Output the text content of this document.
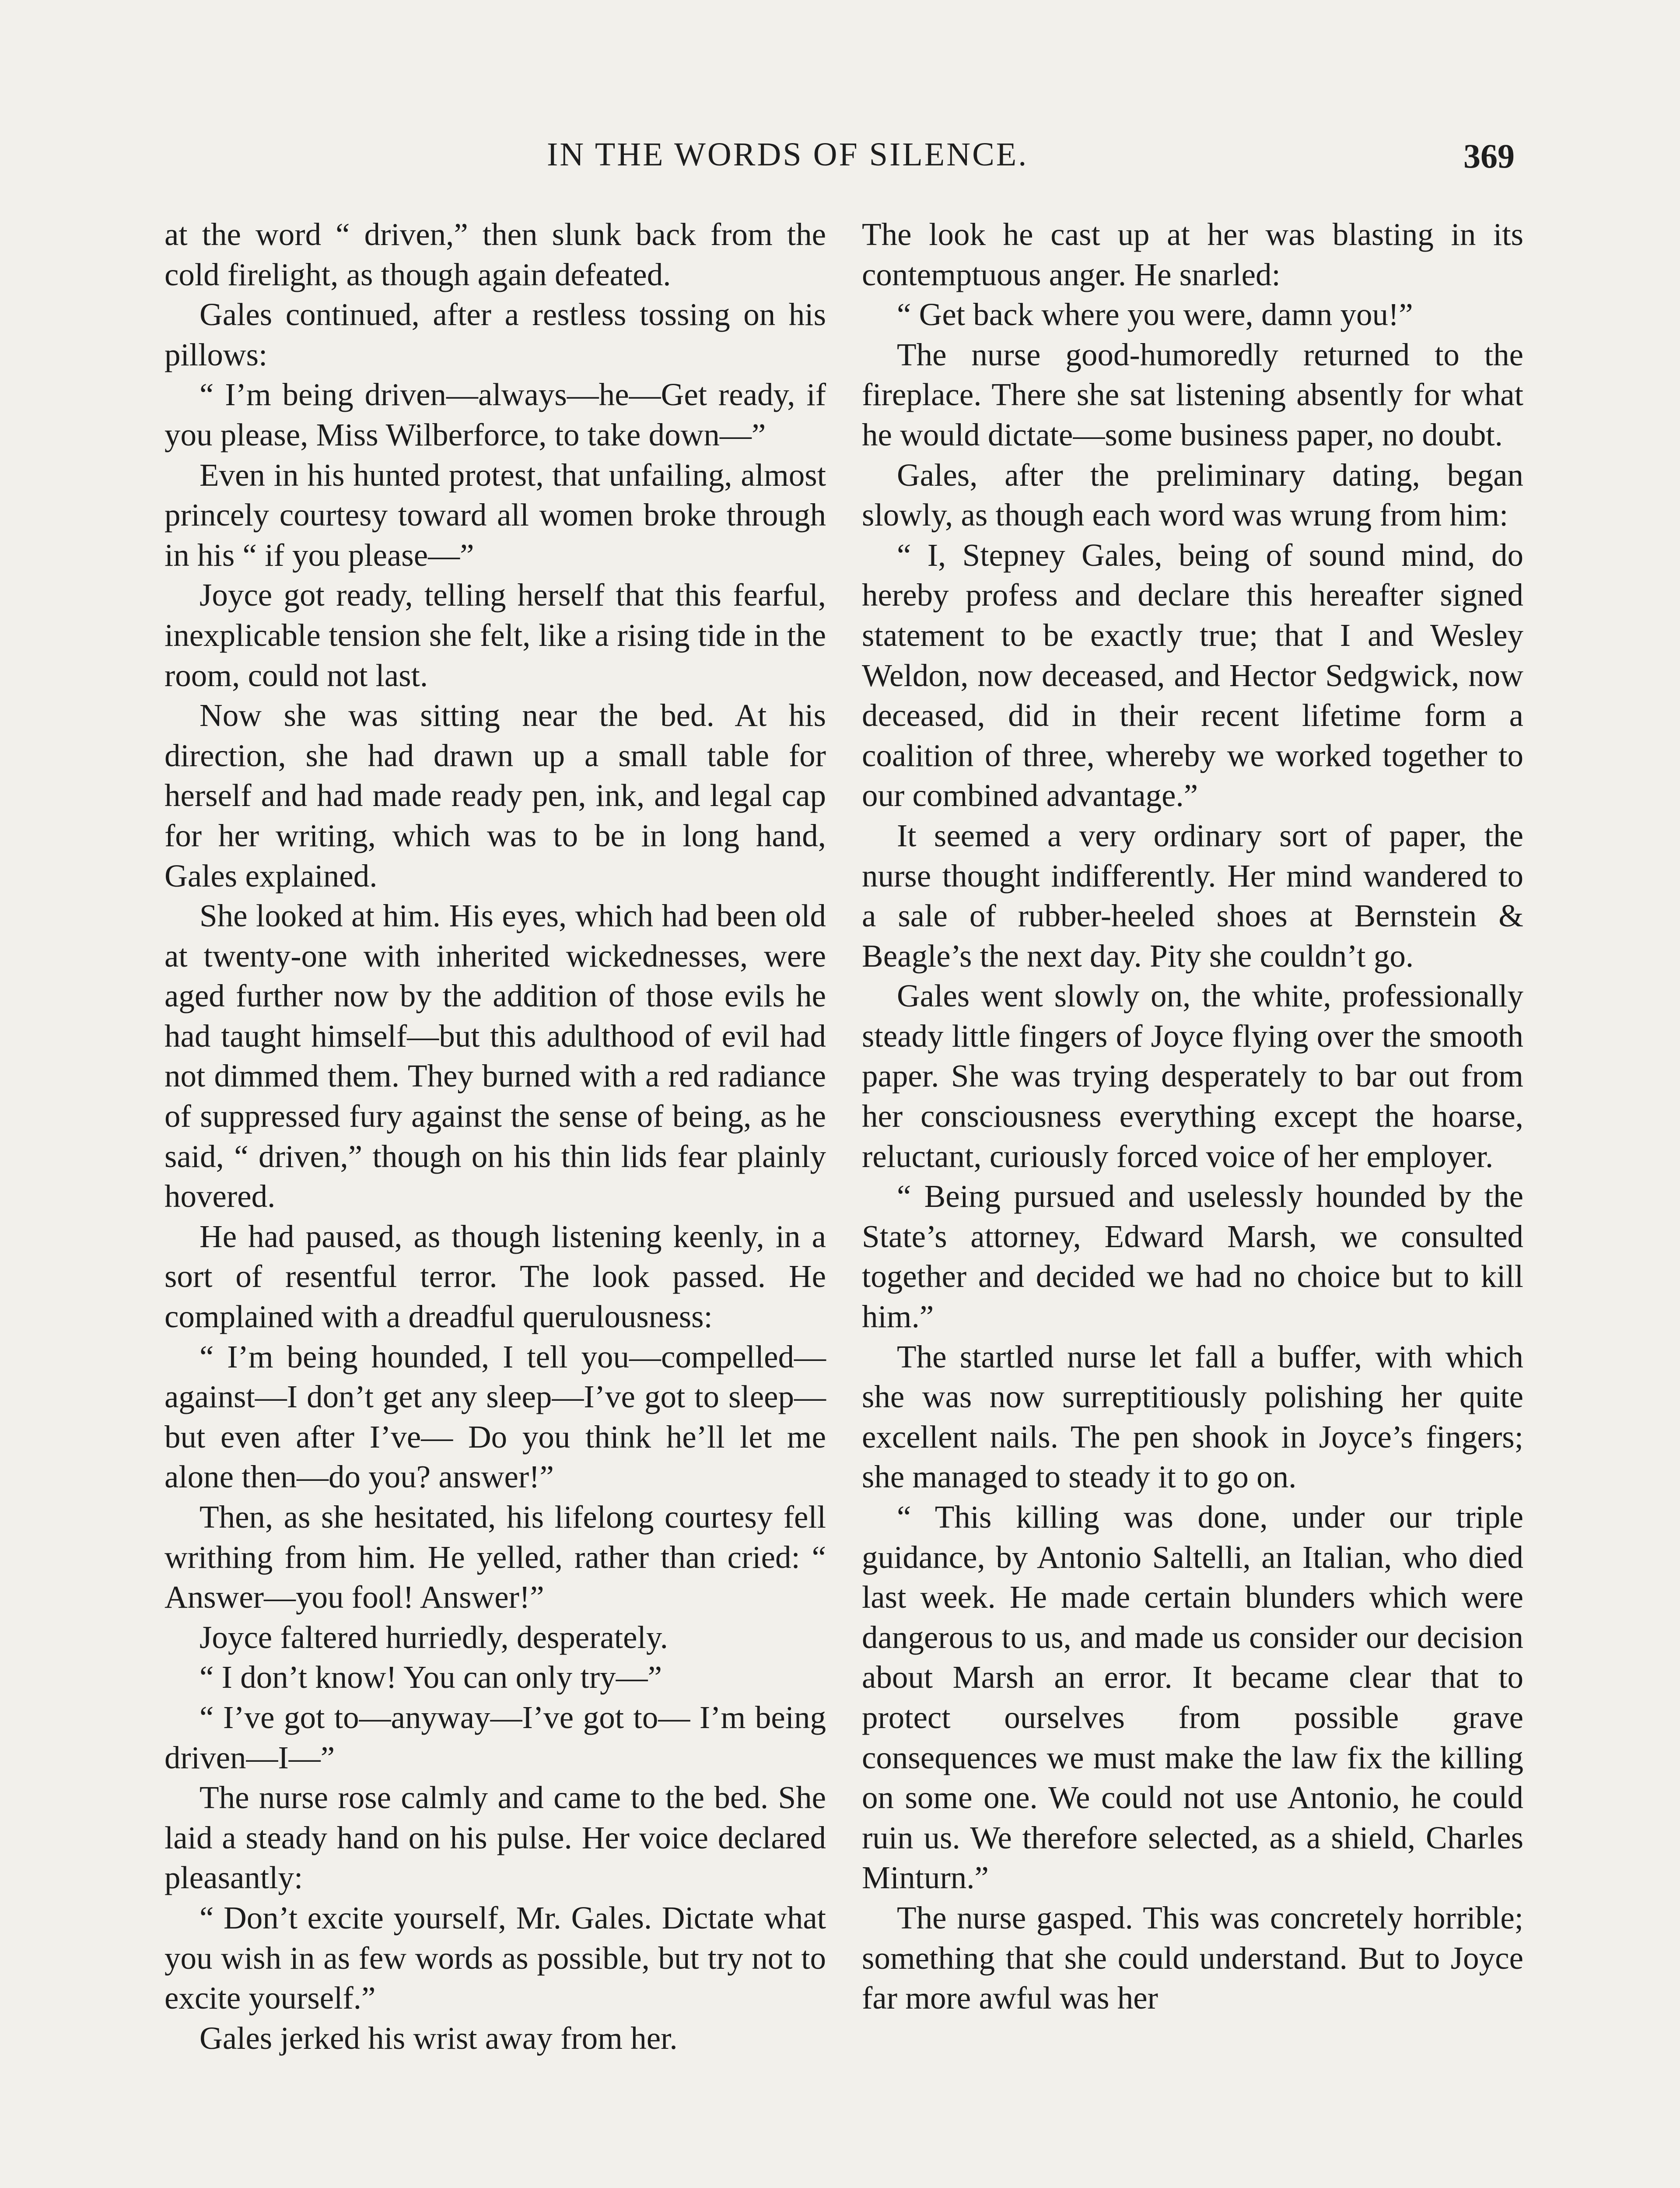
IN THE WORDS OF SILENCE.	369

at the word “ driven,” then slunk back from the cold firelight, as though again defeated.

Gales continued, after a restless tossing on his pillows:

“ I’m being driven—always—he—Get ready, if you please, Miss Wilberforce, to take down—”

Even in his hunted protest, that unfailing, almost princely courtesy toward all women broke through in his “ if you please—”

Joyce got ready, telling herself that this fearful, inexplicable tension she felt, like a rising tide in the room, could not last.

Now she was sitting near the bed. At his direction, she had drawn up a small table for herself and had made ready pen, ink, and legal cap for her writing, which was to be in long hand, Gales explained.

She looked at him. His eyes, which had been old at twenty-one with inherited wickednesses, were aged further now by the addition of those evils he had taught himself—but this adulthood of evil had not dimmed them. They burned with a red radiance of suppressed fury against the sense of being, as he said, “ driven,” though on his thin lids fear plainly hovered.

He had paused, as though listening keenly, in a sort of resentful terror. The look passed. He complained with a dreadful querulousness:

“ I’m being hounded, I tell you—compelled—against—I don’t get any sleep—I’ve got to sleep—but even after I’ve— Do you think he’ll let me alone then—do you? answer!”

Then, as she hesitated, his lifelong courtesy fell writhing from him. He yelled, rather than cried: “ Answer—you fool! Answer!”

Joyce faltered hurriedly, desperately.

“ I don’t know! You can only try—”

“ I’ve got to—anyway—I’ve got to— I’m being driven—I—”

The nurse rose calmly and came to the bed. She laid a steady hand on his pulse. Her voice declared pleasantly:

“ Don’t excite yourself, Mr. Gales. Dictate what you wish in as few words as possible, but try not to excite yourself.”

Gales jerked his wrist away from her.

The look he cast up at her was blasting in its contemptuous anger. He snarled:

“ Get back where you were, damn you!”

The nurse good-humoredly returned to the fireplace. There she sat listening absently for what he would dictate—some business paper, no doubt.

Gales, after the preliminary dating, began slowly, as though each word was wrung from him:

“ I, Stepney Gales, being of sound mind, do hereby profess and declare this hereafter signed statement to be exactly true; that I and Wesley Weldon, now deceased, and Hector Sedgwick, now deceased, did in their recent lifetime form a coalition of three, whereby we worked together to our combined advantage.”

It seemed a very ordinary sort of paper, the nurse thought indifferently. Her mind wandered to a sale of rubber-heeled shoes at Bernstein & Beagle’s the next day. Pity she couldn’t go.

Gales went slowly on, the white, professionally steady little fingers of Joyce flying over the smooth paper. She was trying desperately to bar out from her consciousness everything except the hoarse, reluctant, curiously forced voice of her employer.

“ Being pursued and uselessly hounded by the State’s attorney, Edward Marsh, we consulted together and decided we had no choice but to kill him.”

The startled nurse let fall a buffer, with which she was now surreptitiously polishing her quite excellent nails. The pen shook in Joyce’s fingers; she managed to steady it to go on.

“ This killing was done, under our triple guidance, by Antonio Saltelli, an Italian, who died last week. He made certain blunders which were dangerous to us, and made us consider our decision about Marsh an error. It became clear that to protect ourselves from possible grave consequences we must make the law fix the killing on some one. We could not use Antonio, he could ruin us. We therefore selected, as a shield, Charles Minturn.”

The nurse gasped. This was concretely horrible; something that she could understand. But to Joyce far more awful was her
